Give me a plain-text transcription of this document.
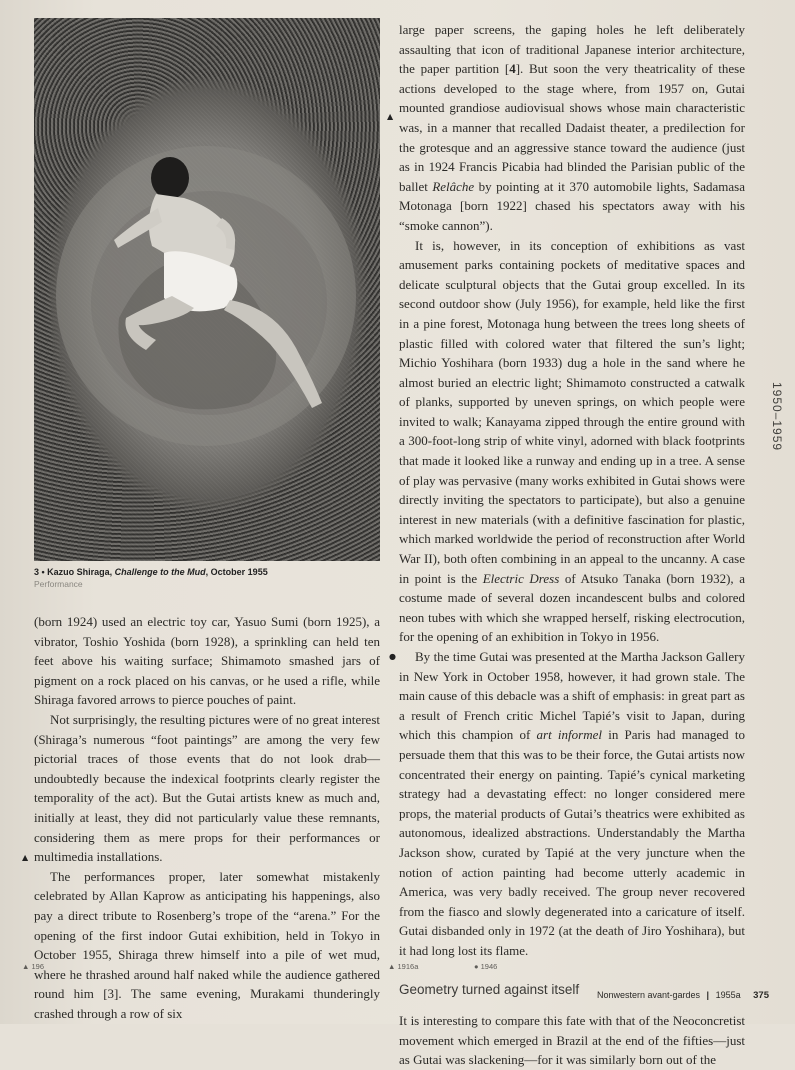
3 • Kazuo Shiraga, Challenge to the Mud, October 1955
Performance

(born 1924) used an electric toy car, Yasuo Sumi (born 1925), a vibrator, Toshio Yoshida (born 1928), a sprinkling can held ten feet above his waiting surface; Shimamoto smashed jars of pigment on a rock placed on his canvas, or he used a rifle, while Shiraga favored arrows to pierce pouches of paint.

Not surprisingly, the resulting pictures were of no great interest (Shiraga’s numerous “foot paintings” are among the very few pictorial traces of those events that do not look drab—undoubtedly because the indexical footprints clearly register the temporality of the act). But the Gutai artists knew as much and, initially at least, they did not particularly value these remnants, considering them as mere props for their performances or multimedia installations.

The performances proper, later somewhat mistakenly celebrated by Allan Kaprow as anticipating his happenings, also pay a direct tribute to Rosenberg’s trope of the “arena.” For the opening of the first indoor Gutai exhibition, held in Tokyo in October 1955, Shiraga threw himself into a pile of wet mud, where he thrashed around half naked while the audience gathered round him [3]. The same evening, Murakami thunderingly crashed through a row of six

large paper screens, the gaping holes he left deliberately assaulting that icon of traditional Japanese interior architecture, the paper partition [4]. But soon the very theatricality of these actions developed to the stage where, from 1957 on, Gutai mounted grandiose audiovisual shows whose main characteristic was, in a manner that recalled Dadaist theater, a predilection for the grotesque and an aggressive stance toward the audience (just as in 1924 Francis Picabia had blinded the Parisian public of the ballet Relâche by pointing at it 370 automobile lights, Sadamasa Motonaga [born 1922] chased his spectators away with his “smoke cannon”).

It is, however, in its conception of exhibitions as vast amusement parks containing pockets of meditative spaces and delicate sculptural objects that the Gutai group excelled. In its second outdoor show (July 1956), for example, held like the first in a pine forest, Motonaga hung between the trees long sheets of plastic filled with colored water that filtered the sun’s light; Michio Yoshihara (born 1933) dug a hole in the sand where he almost buried an electric light; Shimamoto constructed a catwalk of planks, supported by uneven springs, on which people were invited to walk; Kanayama zipped through the entire ground with a 300-foot-long strip of white vinyl, adorned with black footprints that made it looked like a runway and ending up in a tree. A sense of play was pervasive (many works exhibited in Gutai shows were directly inviting the spectators to participate), but also a genuine interest in new materials (with a definitive fascination for plastic, which marked worldwide the period of reconstruction after World War II), both often combining in an appeal to the uncanny. A case in point is the Electric Dress of Atsuko Tanaka (born 1932), a costume made of several dozen incandescent bulbs and colored neon tubes with which she wrapped herself, risking electrocution, for the opening of an exhibition in Tokyo in 1956.

By the time Gutai was presented at the Martha Jackson Gallery in New York in October 1958, however, it had grown stale. The main cause of this debacle was a shift of emphasis: in great part as a result of French critic Michel Tapié’s visit to Japan, during which this champion of art informel in Paris had managed to persuade them that this was to be their force, the Gutai artists now concentrated their energy on painting. Tapié’s cynical marketing strategy had a devastating effect: no longer considered mere props, the material products of Gutai’s theatrics were exhibited as autonomous, idealized abstractions. Understandably the Martha Jackson show, curated by Tapié at the very juncture when the notion of action painting had become utterly academic in America, was very badly received. The group never recovered from the fiasco and slowly degenerated into a caricature of itself. Gutai disbanded only in 1972 (at the death of Jiro Yoshihara), but it had long lost its flame.

Geometry turned against itself

It is interesting to compare this fate with that of the Neoconcretist movement which emerged in Brazil at the end of the fifties—just as Gutai was slackening—for it was similarly born out of the

▲
●
▲
1950–1959
▲ 196	▲ 1916a	● 1946
Nonwestern avant-gardes | 1955a 375
